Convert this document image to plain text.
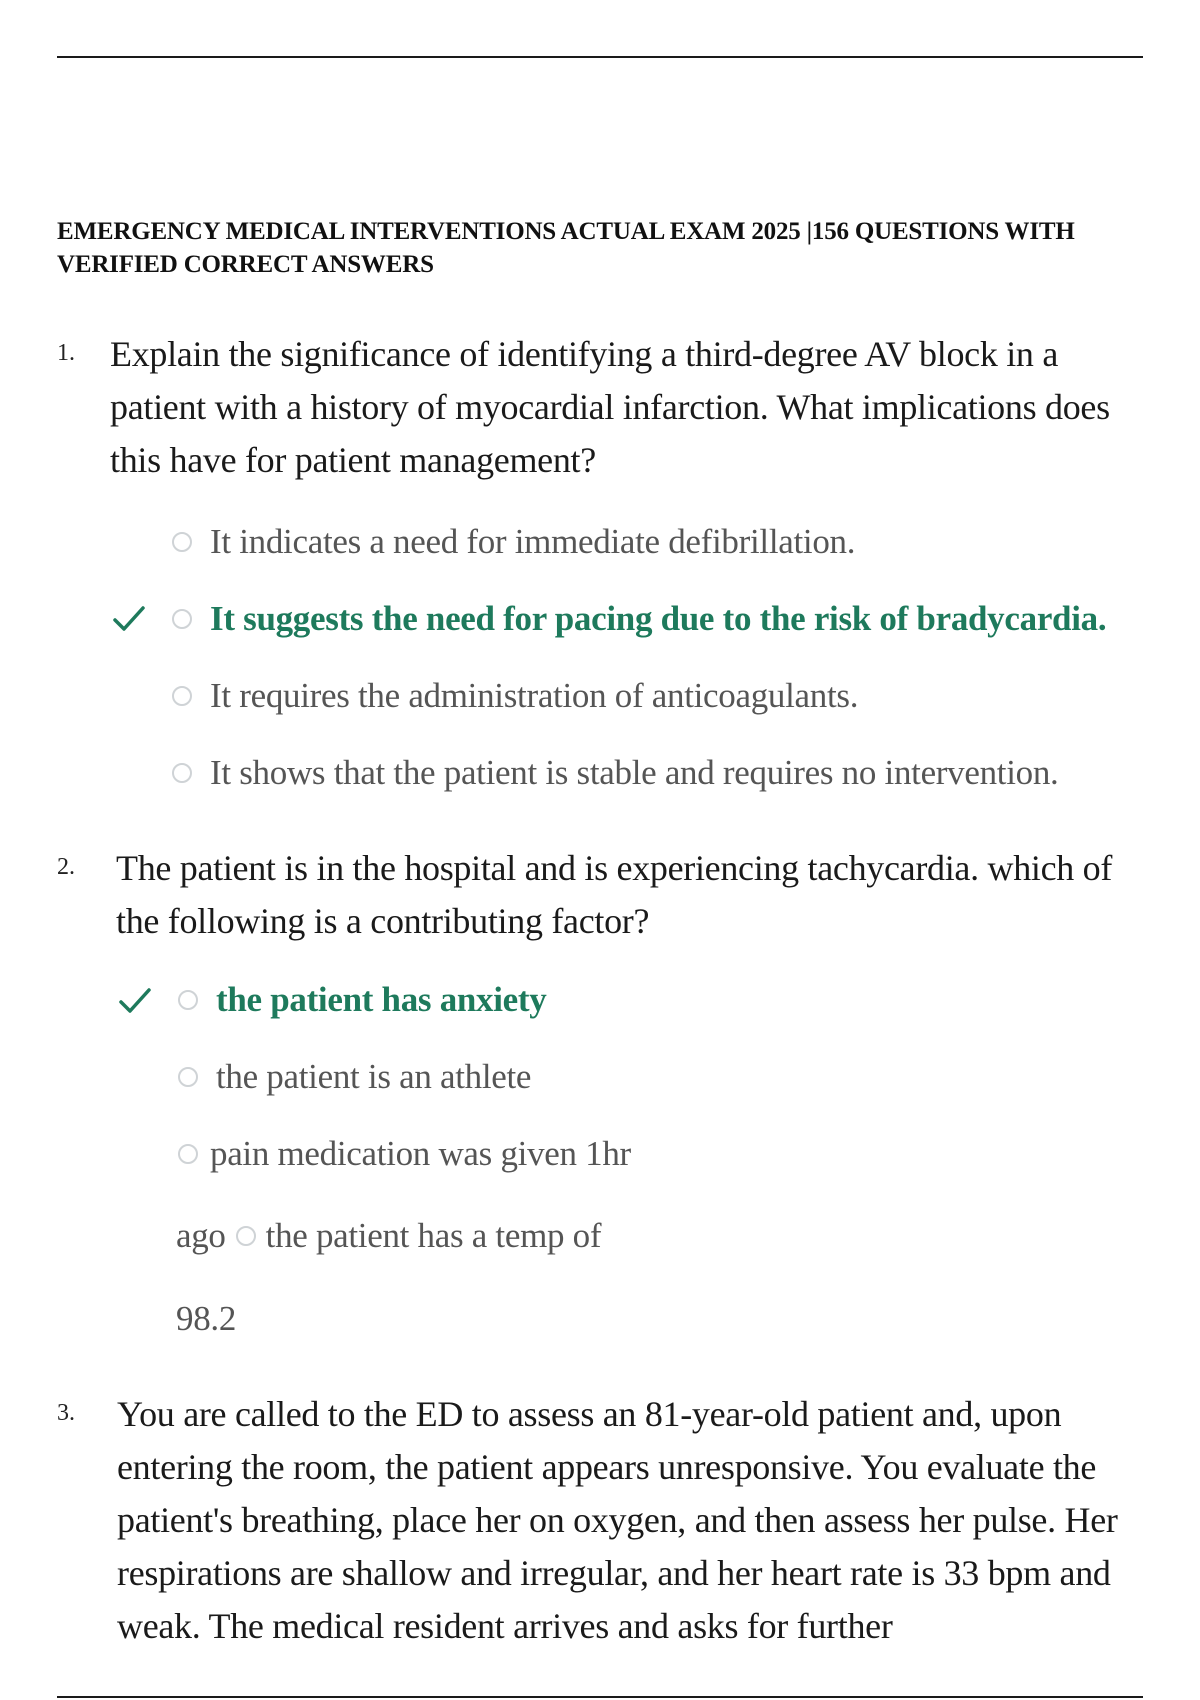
EMERGENCY MEDICAL INTERVENTIONS ACTUAL EXAM 2025 |156 QUESTIONS WITH VERIFIED CORRECT ANSWERS
1. Explain the significance of identifying a third-degree AV block in a patient with a history of myocardial infarction. What implications does this have for patient management?
It indicates a need for immediate defibrillation.
It suggests the need for pacing due to the risk of bradycardia.
It requires the administration of anticoagulants.
It shows that the patient is stable and requires no intervention.
2. The patient is in the hospital and is experiencing tachycardia. which of the following is a contributing factor?
the patient has anxiety
the patient is an athlete
pain medication was given 1hr
ago the patient has a temp of
98.2
3. You are called to the ED to assess an 81-year-old patient and, upon entering the room, the patient appears unresponsive. You evaluate the patient's breathing, place her on oxygen, and then assess her pulse. Her respirations are shallow and irregular, and her heart rate is 33 bpm and weak. The medical resident arrives and asks for further
